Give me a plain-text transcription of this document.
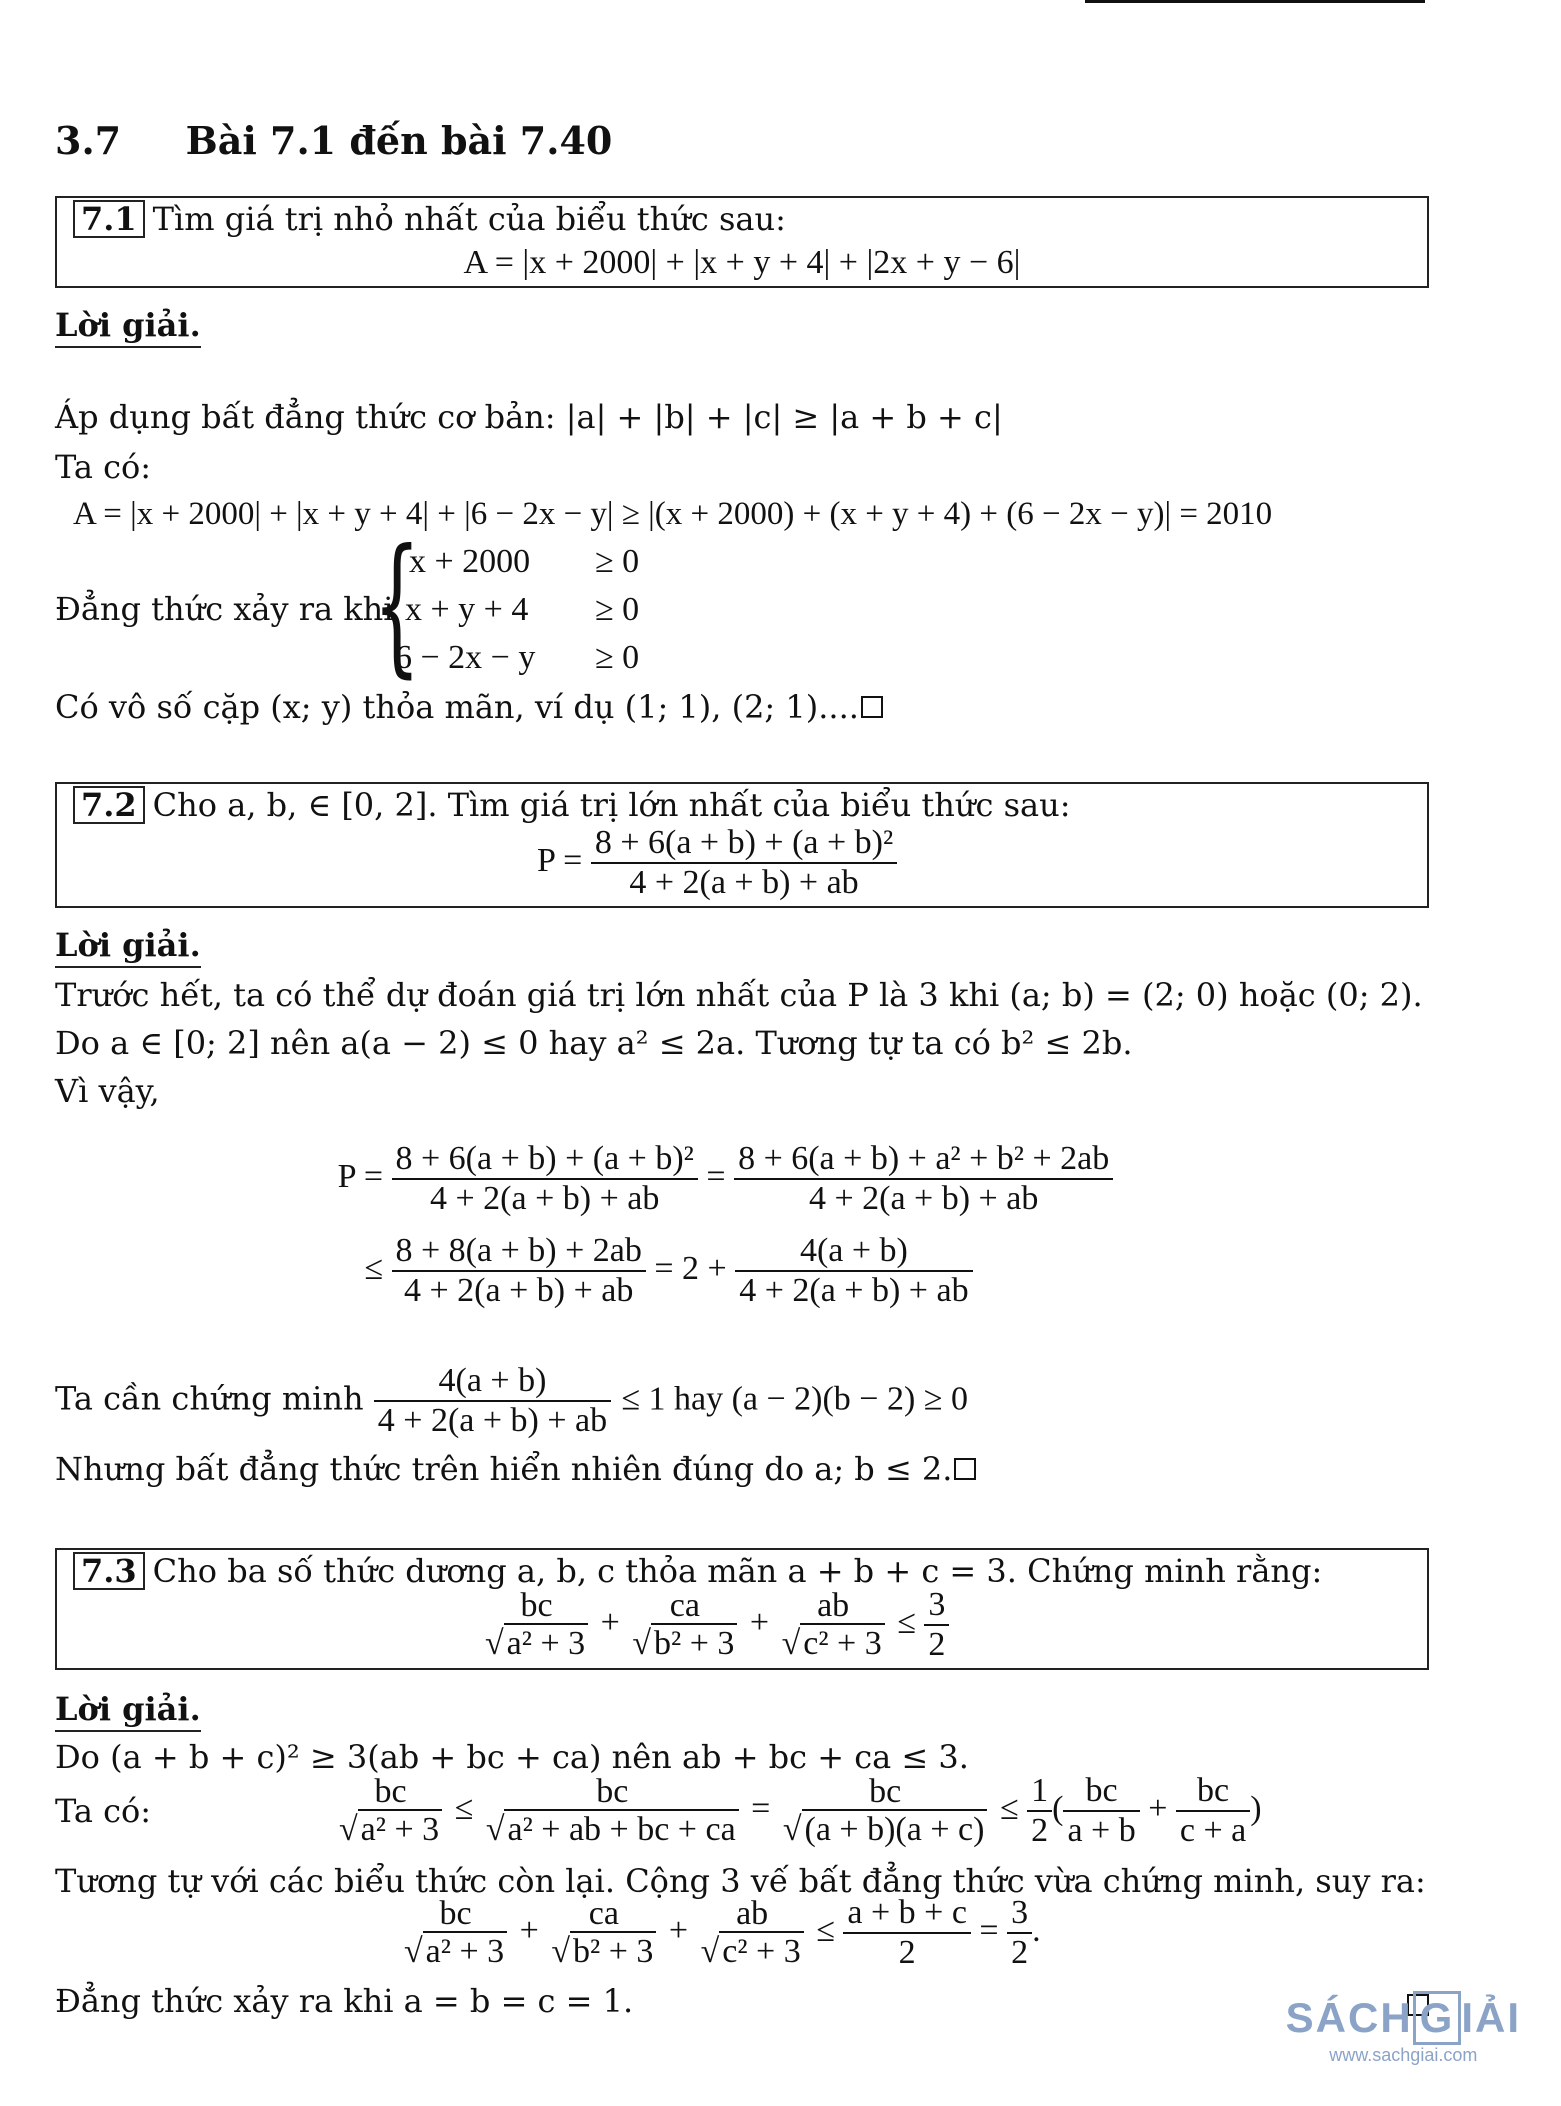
3.7 Bài 7.1 đến bài 7.40
7.1 Tìm giá trị nhỏ nhất của biểu thức sau:
A = |x + 2000| + |x + y + 4| + |2x + y − 6|
Lời giải.
Áp dụng bất đẳng thức cơ bản: |a| + |b| + |c| ≥ |a + b + c|
Ta có:
A = |x + 2000| + |x + y + 4| + |6 − 2x − y| ≥ |(x + 2000) + (x + y + 4) + (6 − 2x − y)| = 2010
Đẳng thức xảy ra khi
{
x + 2000 ≥ 0
x + y + 4 ≥ 0
6 − 2x − y ≥ 0
Có vô số cặp (x; y) thỏa mãn, ví dụ (1; 1), (2; 1)....
7.2 Cho a, b, ∈ [0, 2]. Tìm giá trị lớn nhất của biểu thức sau:
$P = \frac{\text{8 + 6(a + b) + (a + b)²}}{4 + 2(a + b) + ab}$
Lời giải.
Trước hết, ta có thể dự đoán giá trị lớn nhất của P là 3 khi (a; b) = (2; 0) hoặc (0; 2).
Do a ∈ [0; 2] nên a(a − 2) ≤ 0 hay a² ≤ 2a. Tương tự ta có b² ≤ 2b.
Vì vậy,
$P = \frac{\text{8 + 6(a + b) + (a + b)²}}{4 + 2(a + b) + ab} = \frac{\text{8 + 6(a + b) + a² + b² + 2ab}}{4 + 2(a + b) + ab}$
≤ $\frac{8 + 8(a + b) + 2ab}{4 + 2(a + b) + ab} = 2 + \frac{4(a + b)}{4 + 2(a + b) + ab}$
Ta cần chứng minh $\frac{4(a + b)}{4 + 2(a + b) + ab} \le 1$ hay (a − 2)(b − 2) ≥ 0
Nhưng bất đẳng thức trên hiển nhiên đúng do a; b ≤ 2.
7.3 Cho ba số thức dương a, b, c thỏa mãn a + b + c = 3. Chứng minh rằng:
bc
√a² + 3
+	ca
√b² + 3
+	ab
√c² + 3
≤ $\frac{3}{2}$
Lời giải.
Do (a + b + c)² ≥ 3(ab + bc + ca) nên ab + bc + ca ≤ 3.
Ta có:
bc
√a² + 3
≤	bc
√a² + ab + bc + ca
=	bc
√(a + b)(a + c)
≤ $\frac{1}{2}$ ( $\frac{bc}{a + b} + \frac{bc}{c + a}$ )
Tương tự với các biểu thức còn lại. Cộng 3 vế bất đẳng thức vừa chứng minh, suy ra:
bc
√a² + 3
+	ca
√b² + 3
+	ab
√c² + 3
≤ $\frac{a + b + c}{2} = \frac{3}{2}$ .
Đẳng thức xảy ra khi a = b = c = 1.	SÁCH G IẢI
www.sachgiai.com
